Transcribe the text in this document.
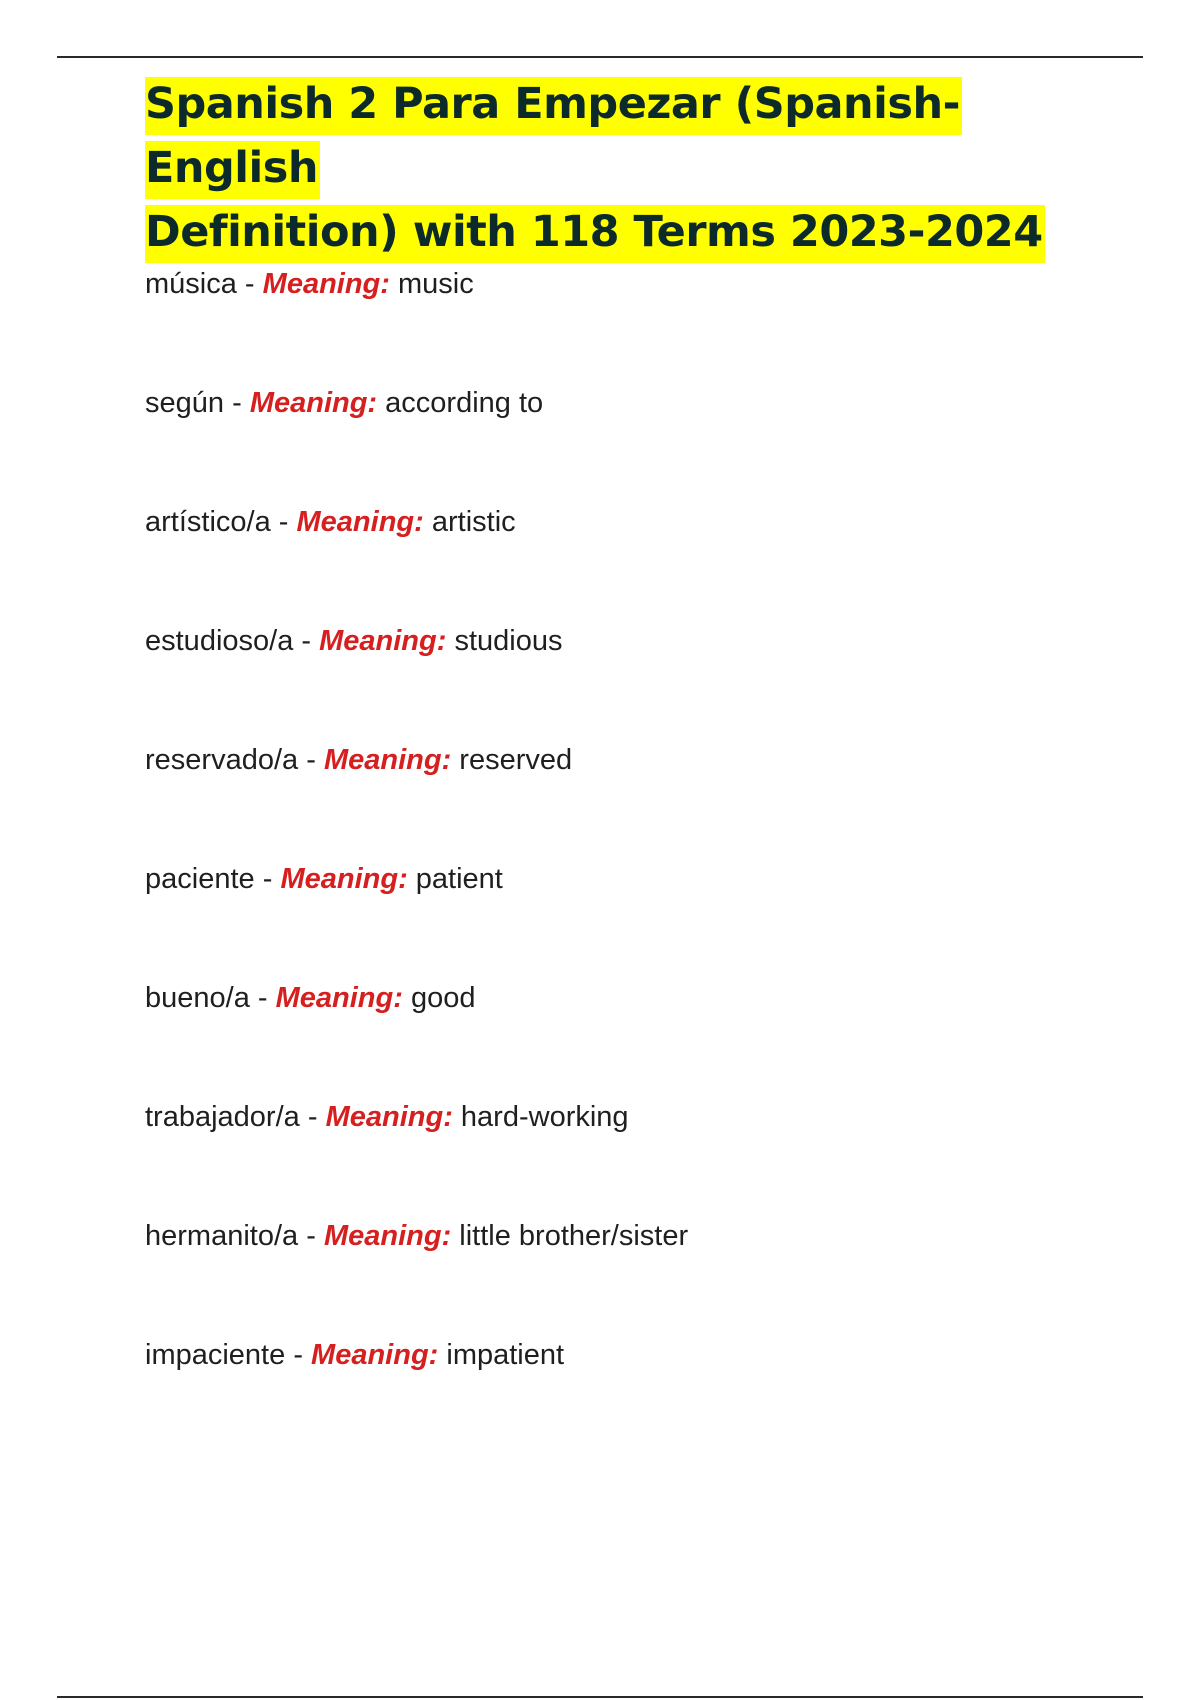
Spanish 2 Para Empezar (Spanish-English
Definition) with 118 Terms 2023-2024
música - Meaning: music
según - Meaning: according to
artístico/a - Meaning: artistic
estudioso/a - Meaning: studious
reservado/a - Meaning: reserved
paciente - Meaning: patient
bueno/a - Meaning: good
trabajador/a - Meaning: hard-working
hermanito/a - Meaning: little brother/sister
impaciente - Meaning: impatient
